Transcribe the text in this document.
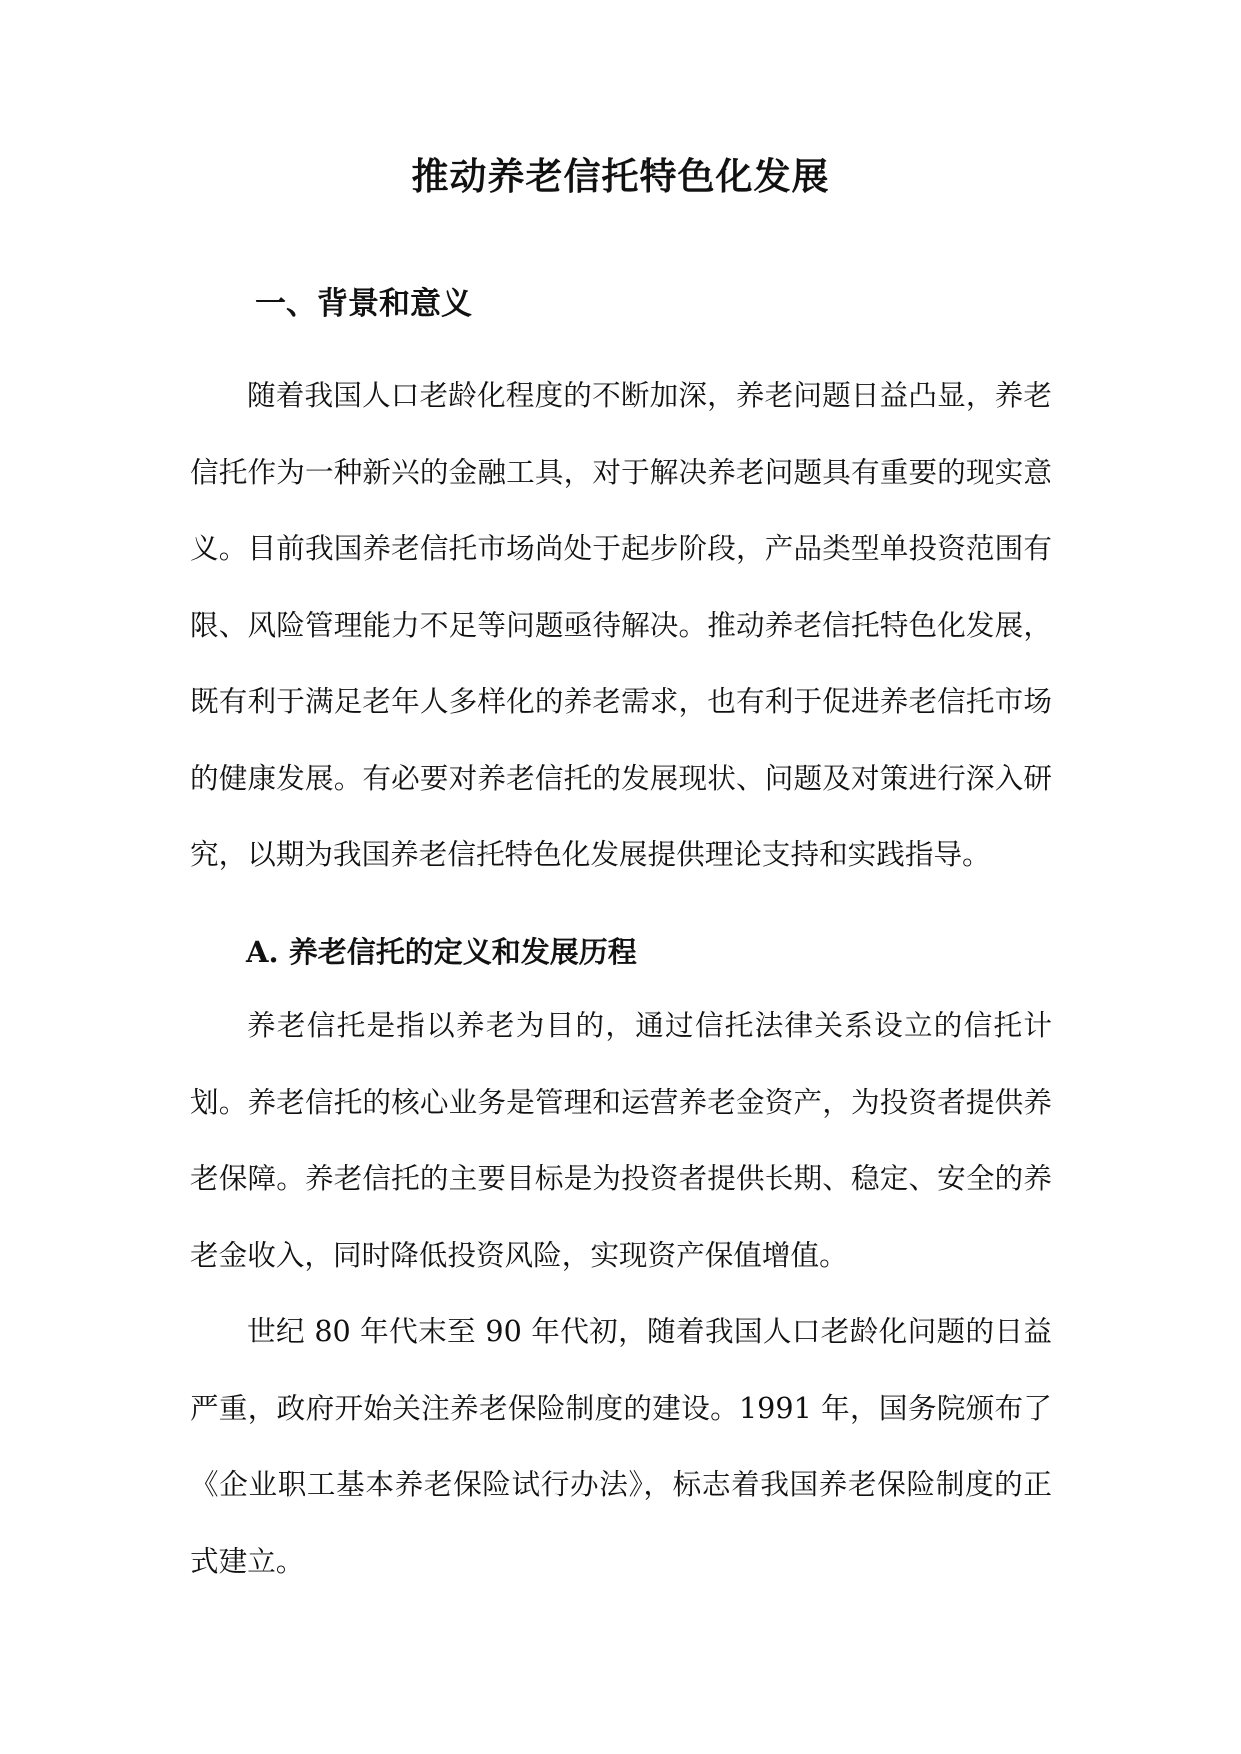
推动养老信托特色化发展
一、背景和意义

随着我国人口老龄化程度的不断加深，养老问题日益凸显，养老信托作为一种新兴的金融工具，对于解决养老问题具有重要的现实意义。目前我国养老信托市场尚处于起步阶段，产品类型单投资范围有限、风险管理能力不足等问题亟待解决。推动养老信托特色化发展，既有利于满足老年人多样化的养老需求，也有利于促进养老信托市场的健康发展。有必要对养老信托的发展现状、问题及对策进行深入研究，以期为我国养老信托特色化发展提供理论支持和实践指导。

A. 养老信托的定义和发展历程

养老信托是指以养老为目的，通过信托法律关系设立的信托计划。养老信托的核心业务是管理和运营养老金资产，为投资者提供养老保障。养老信托的主要目标是为投资者提供长期、稳定、安全的养老金收入，同时降低投资风险，实现资产保值增值。

世纪 80 年代末至 90 年代初，随着我国人口老龄化问题的日益严重，政府开始关注养老保险制度的建设。1991 年，国务院颁布了《企业职工基本养老保险试行办法》，标志着我国养老保险制度的正式建立。
